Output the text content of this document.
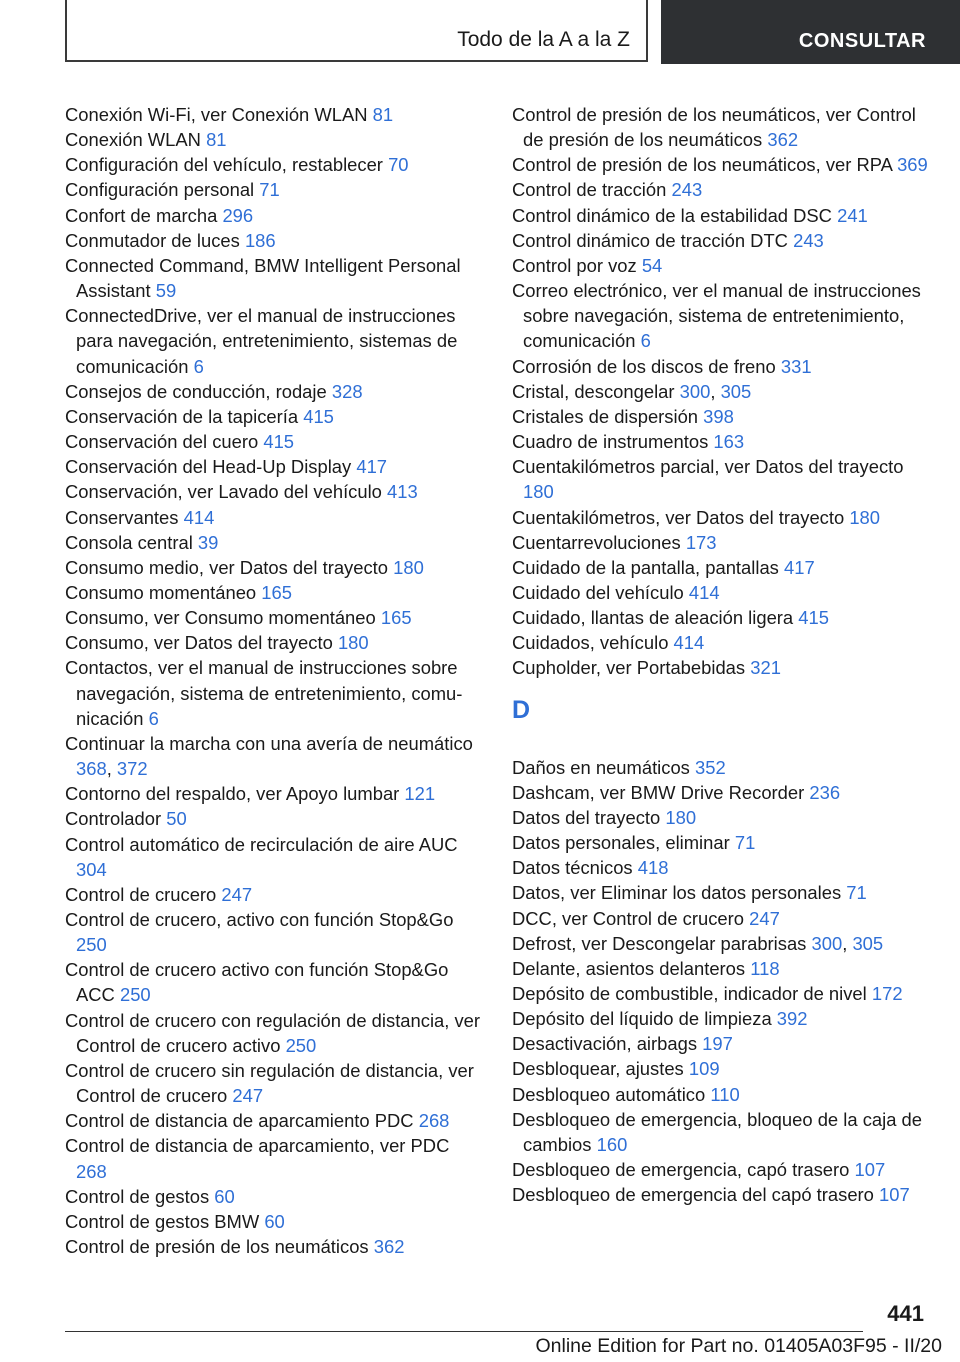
Todo de la A a la Z	CONSULTAR

Conexión Wi-Fi, ver Conexión WLAN 81

Conexión WLAN 81

Configuración del vehículo, restablecer 70

Configuración personal 71

Confort de marcha 296

Conmutador de luces 186

Connected Command, BMW Intelligent Personal Assistant 59

ConnectedDrive, ver el manual de instrucciones para navegación, entretenimiento, sistemas de comunicación 6

Consejos de conducción, rodaje 328

Conservación de la tapicería 415

Conservación del cuero 415

Conservación del Head-Up Display 417

Conservación, ver Lavado del vehículo 413

Conservantes 414

Consola central 39

Consumo medio, ver Datos del trayecto 180

Consumo momentáneo 165

Consumo, ver Consumo momentáneo 165

Consumo, ver Datos del trayecto 180

Contactos, ver el manual de instrucciones sobre navegación, sistema de entretenimiento, comunicación 6

Continuar la marcha con una avería de neumático 368, 372

Contorno del respaldo, ver Apoyo lumbar 121

Controlador 50

Control automático de recirculación de aire AUC 304

Control de crucero 247

Control de crucero, activo con función Stop&Go 250

Control de crucero activo con función Stop&Go ACC 250

Control de crucero con regulación de distancia, ver Control de crucero activo 250

Control de crucero sin regulación de distancia, ver Control de crucero 247

Control de distancia de aparcamiento PDC 268

Control de distancia de aparcamiento, ver PDC 268

Control de gestos 60

Control de gestos BMW 60

Control de presión de los neumáticos 362

Control de presión de los neumáticos, ver Control de presión de los neumáticos 362

Control de presión de los neumáticos, ver RPA 369

Control de tracción 243

Control dinámico de la estabilidad DSC 241

Control dinámico de tracción DTC 243

Control por voz 54

Correo electrónico, ver el manual de instrucciones sobre navegación, sistema de entretenimiento, comunicación 6

Corrosión de los discos de freno 331

Cristal, descongelar 300, 305

Cristales de dispersión 398

Cuadro de instrumentos 163

Cuentakilómetros parcial, ver Datos del trayecto 180

Cuentakilómetros, ver Datos del trayecto 180

Cuentarrevoluciones 173

Cuidado de la pantalla, pantallas 417

Cuidado del vehículo 414

Cuidado, llantas de aleación ligera 415

Cuidados, vehículo 414

Cupholder, ver Portabebidas 321

D

Daños en neumáticos 352

Dashcam, ver BMW Drive Recorder 236

Datos del trayecto 180

Datos personales, eliminar 71

Datos técnicos 418

Datos, ver Eliminar los datos personales 71

DCC, ver Control de crucero 247

Defrost, ver Descongelar parabrisas 300, 305

Delante, asientos delanteros 118

Depósito de combustible, indicador de nivel 172

Depósito del líquido de limpieza 392

Desactivación, airbags 197

Desbloquear, ajustes 109

Desbloqueo automático 110

Desbloqueo de emergencia, bloqueo de la caja de cambios 160

Desbloqueo de emergencia, capó trasero 107

Desbloqueo de emergencia del capó trasero 107

441
Online Edition for Part no. 01405A03F95 - II/20
